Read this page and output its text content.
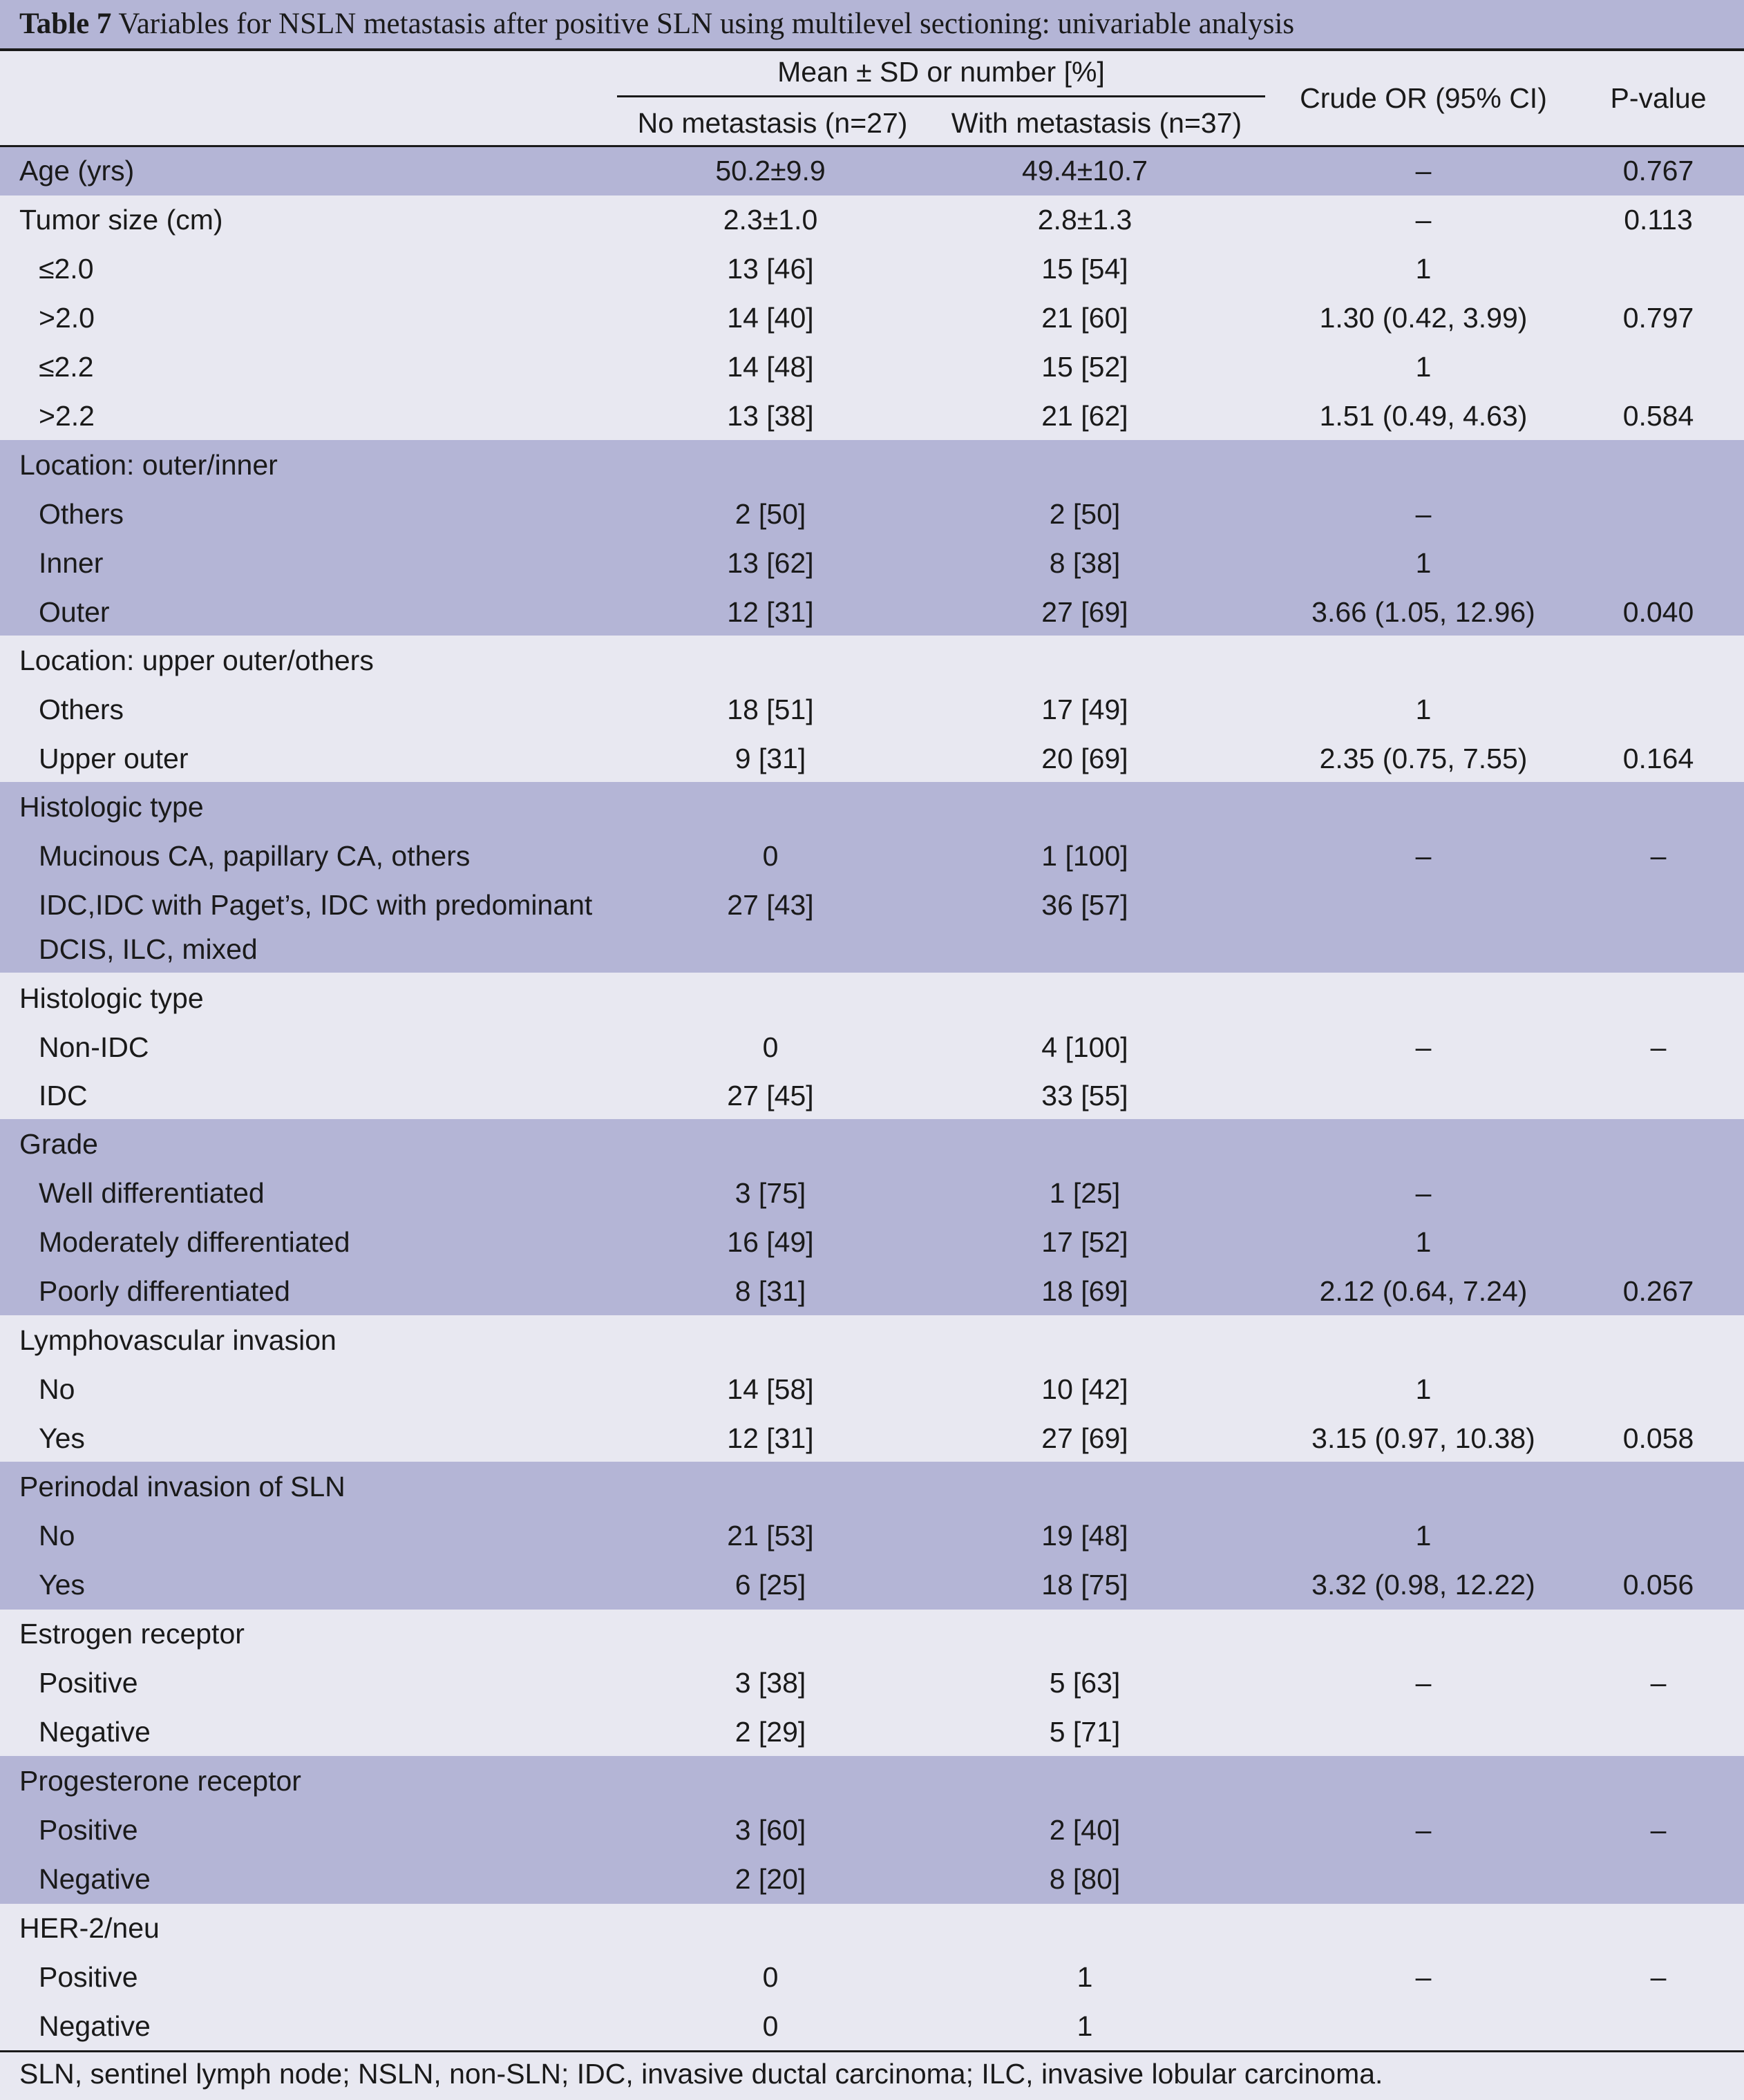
Table 7 Variables for NSLN metastasis after positive SLN using multilevel sectioning: univariable analysis
Mean ± SD or number [%]
No metastasis (n=27)	With metastasis (n=37)
Crude OR (95% CI)	P-value
Age (yrs)	50.2±9.9	49.4±10.7	–	0.767
Tumor size (cm)	2.3±1.0	2.8±1.3	–	0.113
≤2.0	13 [46]	15 [54]	1
>2.0	14 [40]	21 [60]	1.30 (0.42, 3.99)	0.797
≤2.2	14 [48]	15 [52]	1
>2.2	13 [38]	21 [62]	1.51 (0.49, 4.63)	0.584
Location: outer/inner
Others	2 [50]	2 [50]	–
Inner	13 [62]	8 [38]	1
Outer	12 [31]	27 [69]	3.66 (1.05, 12.96)	0.040
Location: upper outer/others
Others	18 [51]	17 [49]	1
Upper outer	9 [31]	20 [69]	2.35 (0.75, 7.55)	0.164
Histologic type
Mucinous CA, papillary CA, others	0	1 [100]	–	–
IDC,IDC with Paget’s, IDC with predominant	27 [43]	36 [57]
DCIS, ILC, mixed
Histologic type
Non-IDC	0	4 [100]	–	–
IDC	27 [45]	33 [55]
Grade
Well differentiated	3 [75]	1 [25]	–
Moderately differentiated	16 [49]	17 [52]	1
Poorly differentiated	8 [31]	18 [69]	2.12 (0.64, 7.24)	0.267
Lymphovascular invasion
No	14 [58]	10 [42]	1
Yes	12 [31]	27 [69]	3.15 (0.97, 10.38)	0.058
Perinodal invasion of SLN
No	21 [53]	19 [48]	1
Yes	6 [25]	18 [75]	3.32 (0.98, 12.22)	0.056
Estrogen receptor
Positive	3 [38]	5 [63]	–	–
Negative	2 [29]	5 [71]
Progesterone receptor
Positive	3 [60]	2 [40]	–	–
Negative	2 [20]	8 [80]
HER-2/neu
Positive	0	1	–	–
Negative	0	1
SLN, sentinel lymph node; NSLN, non-SLN; IDC, invasive ductal carcinoma; ILC, invasive lobular carcinoma.
